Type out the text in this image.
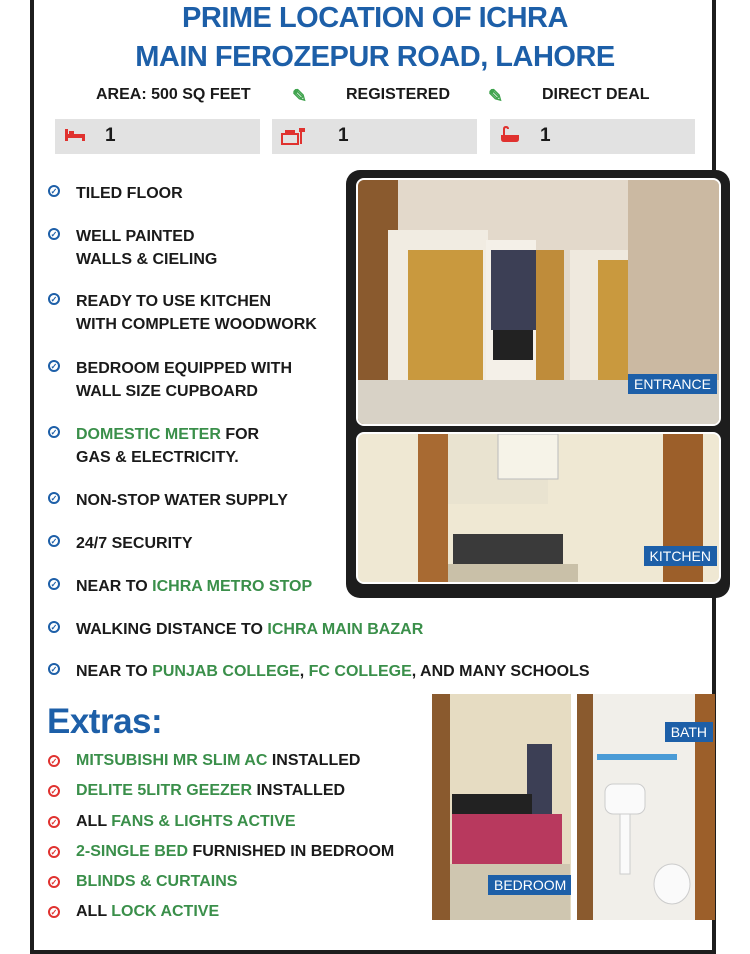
PRIME LOCATION OF ICHRA
MAIN FEROZEPUR ROAD, LAHORE
AREA: 500 SQ FEET ✎ REGISTERED ✎ DIRECT DEAL
1	1	1
✓ TILED FLOOR
✓ WELL PAINTED
WALLS & CIELING
✓ READY TO USE KITCHEN
WITH COMPLETE WOODWORK
✓ BEDROOM EQUIPPED WITH
WALL SIZE CUPBOARD
✓ DOMESTIC METER FOR
GAS & ELECTRICITY.
✓ NON-STOP WATER SUPPLY
✓ 24/7 SECURITY
✓ NEAR TO ICHRA METRO STOP
✓ WALKING DISTANCE TO ICHRA MAIN BAZAR
✓ NEAR TO PUNJAB COLLEGE, FC COLLEGE, AND MANY SCHOOLS
ENTRANCE
KITCHEN
Extras:
✓ MITSUBISHI MR SLIM AC INSTALLED
✓ DELITE 5LITR GEEZER INSTALLED
✓ ALL FANS & LIGHTS ACTIVE
✓ 2-SINGLE BED FURNISHED IN BEDROOM
✓ BLINDS & CURTAINS
✓ ALL LOCK ACTIVE
BEDROOM
BATH
